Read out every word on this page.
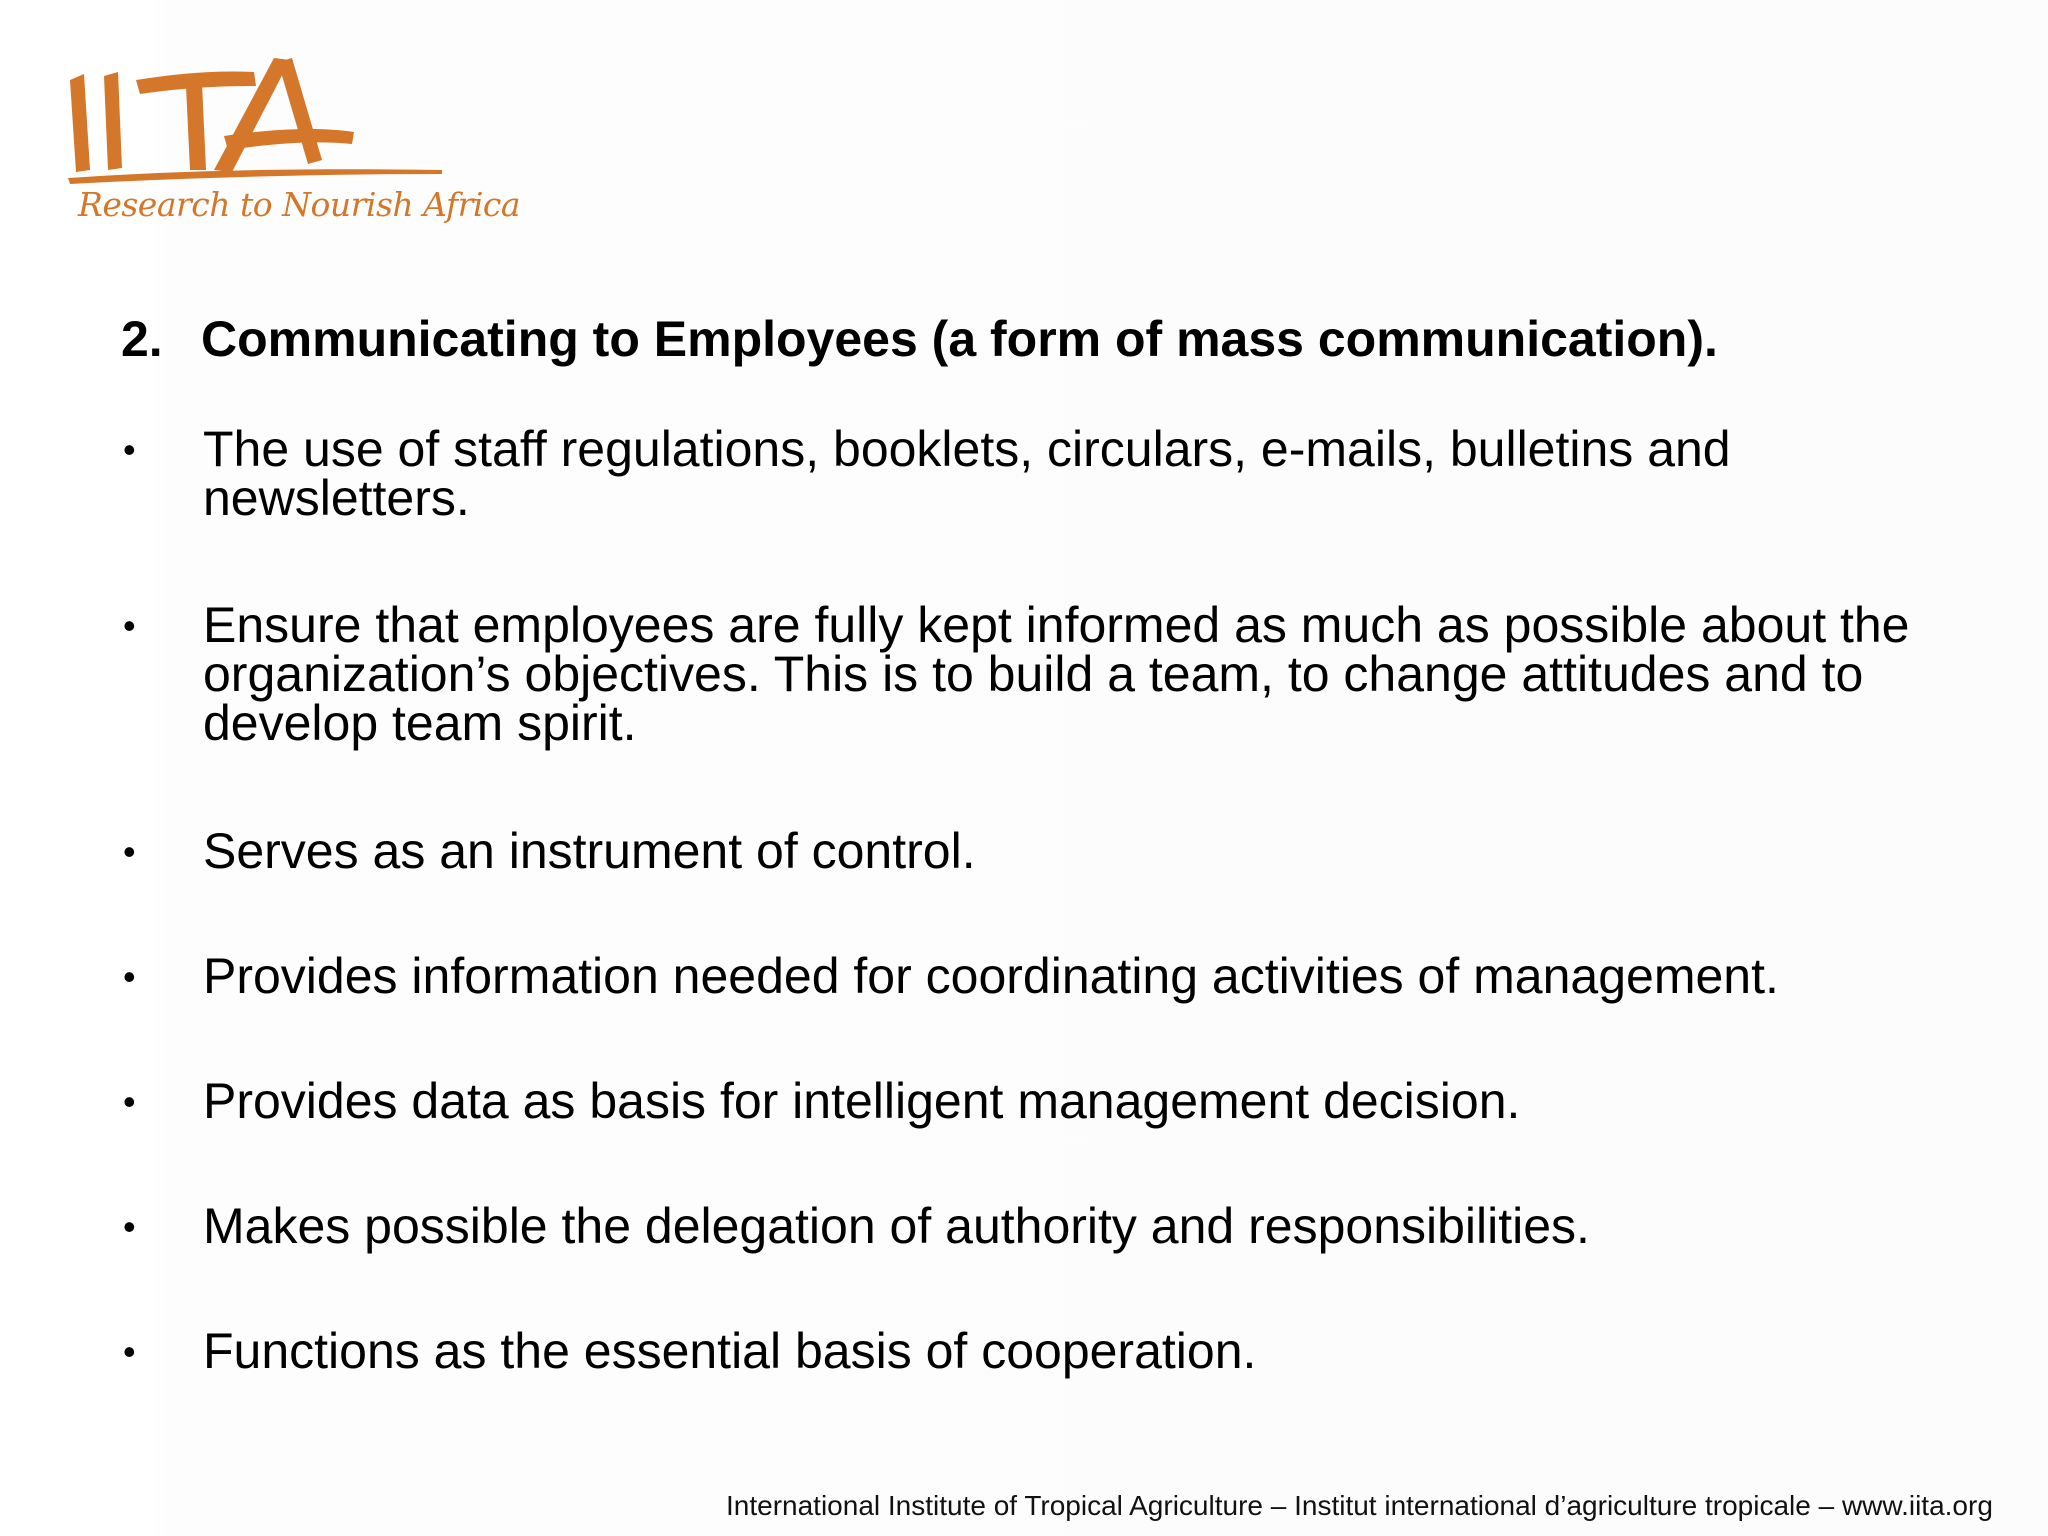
Research to Nourish Africa
2. Communicating to Employees (a form of mass communication).
•	The use of staff regulations, booklets, circulars, e-mails, bulletins and
newsletters.
•	Ensure that employees are fully kept informed as much as possible about the
organization’s objectives. This is to build a team, to change attitudes and to
develop team spirit.
•	Serves as an instrument of control.
•	Provides information needed for coordinating activities of management.
•	Provides data as basis for intelligent management decision.
•	Makes possible the delegation of authority and responsibilities.
•	Functions as the essential basis of cooperation.
International Institute of Tropical Agriculture – Institut international d’agriculture tropicale – www.iita.org
